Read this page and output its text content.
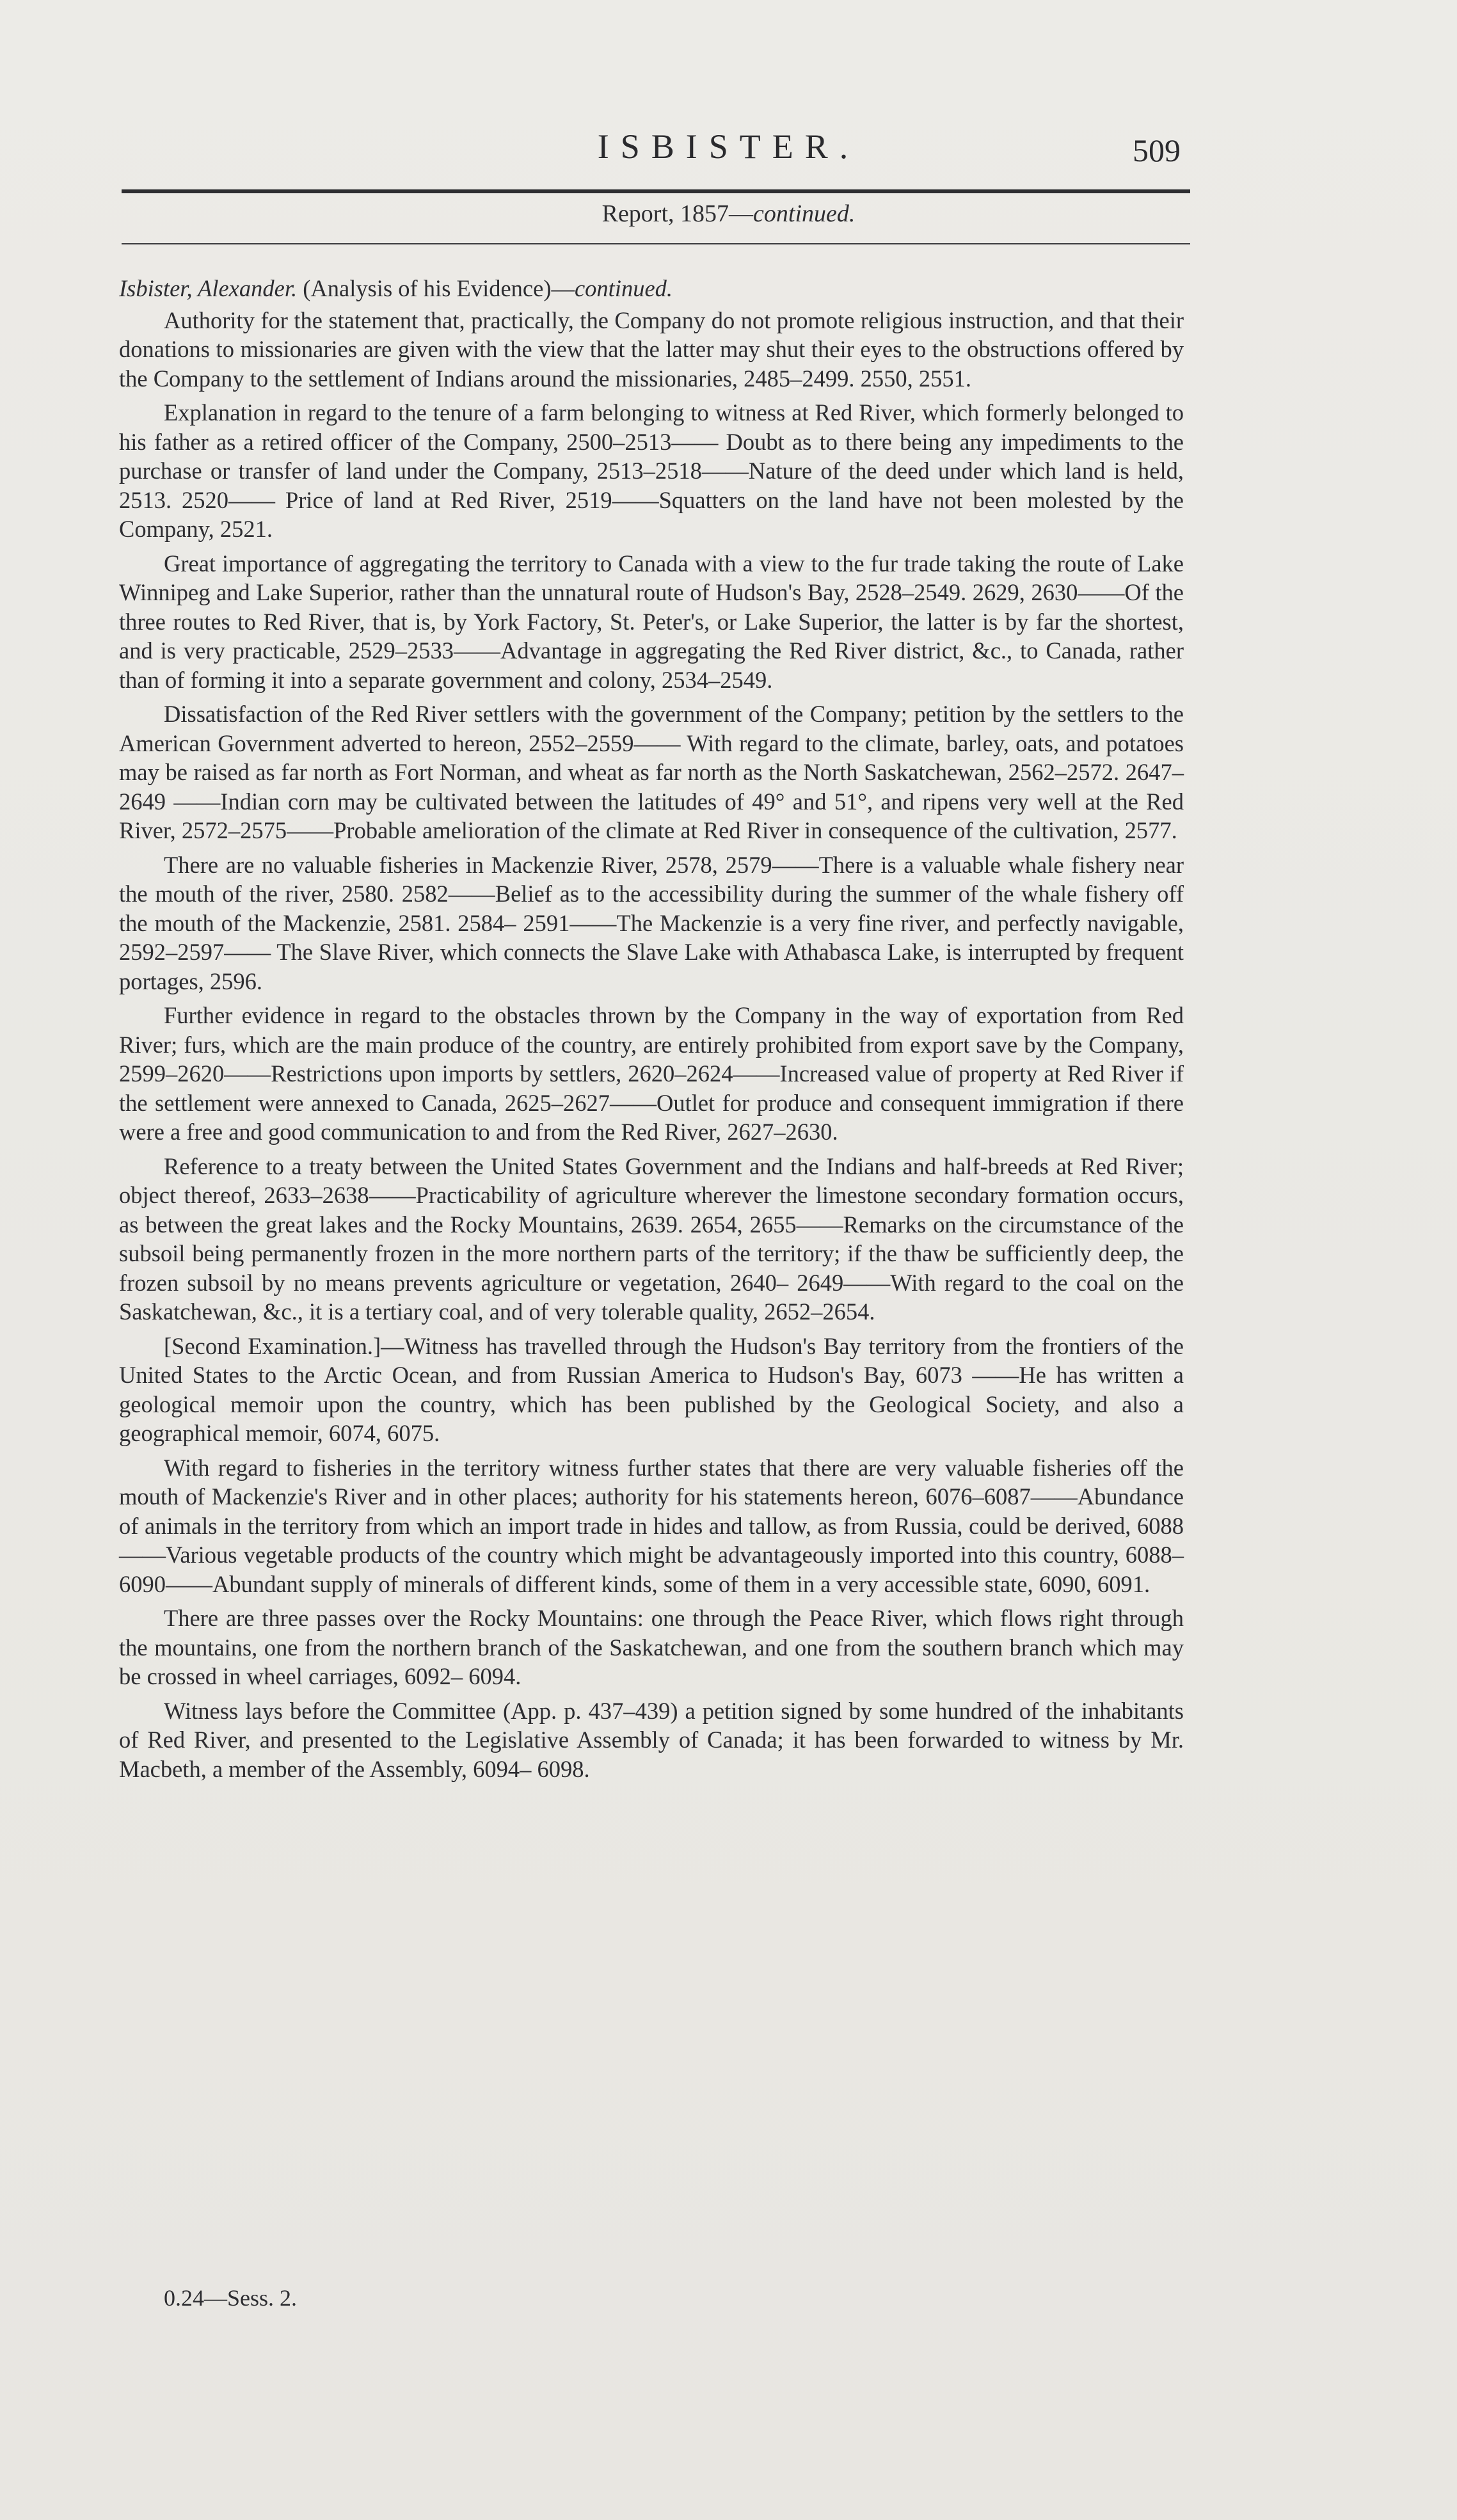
ISBISTER.	509
Report, 1857—continued.
Isbister, Alexander. (Analysis of his Evidence)—continued.

Authority for the statement that, practically, the Company do not promote religious instruction, and that their donations to missionaries are given with the view that the latter may shut their eyes to the obstructions offered by the Company to the settlement of Indians around the missionaries, 2485–2499. 2550, 2551.

Explanation in regard to the tenure of a farm belonging to witness at Red River, which formerly belonged to his father as a retired officer of the Company, 2500–2513—— Doubt as to there being any impediments to the purchase or transfer of land under the Company, 2513–2518——Nature of the deed under which land is held, 2513. 2520—— Price of land at Red River, 2519——Squatters on the land have not been molested by the Company, 2521.

Great importance of aggregating the territory to Canada with a view to the fur trade taking the route of Lake Winnipeg and Lake Superior, rather than the unnatural route of Hudson's Bay, 2528–2549. 2629, 2630——Of the three routes to Red River, that is, by York Factory, St. Peter's, or Lake Superior, the latter is by far the shortest, and is very practicable, 2529–2533——Advantage in aggregating the Red River district, &c., to Canada, rather than of forming it into a separate government and colony, 2534–2549.

Dissatisfaction of the Red River settlers with the government of the Company; petition by the settlers to the American Government adverted to hereon, 2552–2559—— With regard to the climate, barley, oats, and potatoes may be raised as far north as Fort Norman, and wheat as far north as the North Saskatchewan, 2562–2572. 2647–2649 ——Indian corn may be cultivated between the latitudes of 49° and 51°, and ripens very well at the Red River, 2572–2575——Probable amelioration of the climate at Red River in consequence of the cultivation, 2577.

There are no valuable fisheries in Mackenzie River, 2578, 2579——There is a valuable whale fishery near the mouth of the river, 2580. 2582——Belief as to the accessibility during the summer of the whale fishery off the mouth of the Mackenzie, 2581. 2584– 2591——The Mackenzie is a very fine river, and perfectly navigable, 2592–2597—— The Slave River, which connects the Slave Lake with Athabasca Lake, is interrupted by frequent portages, 2596.

Further evidence in regard to the obstacles thrown by the Company in the way of exportation from Red River; furs, which are the main produce of the country, are entirely prohibited from export save by the Company, 2599–2620——Restrictions upon imports by settlers, 2620–2624——Increased value of property at Red River if the settlement were annexed to Canada, 2625–2627——Outlet for produce and consequent immigration if there were a free and good communication to and from the Red River, 2627–2630.

Reference to a treaty between the United States Government and the Indians and half-breeds at Red River; object thereof, 2633–2638——Practicability of agriculture wherever the limestone secondary formation occurs, as between the great lakes and the Rocky Mountains, 2639. 2654, 2655——Remarks on the circumstance of the subsoil being permanently frozen in the more northern parts of the territory; if the thaw be sufficiently deep, the frozen subsoil by no means prevents agriculture or vegetation, 2640– 2649——With regard to the coal on the Saskatchewan, &c., it is a tertiary coal, and of very tolerable quality, 2652–2654.

[Second Examination.]—Witness has travelled through the Hudson's Bay territory from the frontiers of the United States to the Arctic Ocean, and from Russian America to Hudson's Bay, 6073 ——He has written a geological memoir upon the country, which has been published by the Geological Society, and also a geographical memoir, 6074, 6075.

With regard to fisheries in the territory witness further states that there are very valuable fisheries off the mouth of Mackenzie's River and in other places; authority for his statements hereon, 6076–6087——Abundance of animals in the territory from which an import trade in hides and tallow, as from Russia, could be derived, 6088——Various vegetable products of the country which might be advantageously imported into this country, 6088–6090——Abundant supply of minerals of different kinds, some of them in a very accessible state, 6090, 6091.

There are three passes over the Rocky Mountains: one through the Peace River, which flows right through the mountains, one from the northern branch of the Saskatchewan, and one from the southern branch which may be crossed in wheel carriages, 6092– 6094.

Witness lays before the Committee (App. p. 437–439) a petition signed by some hundred of the inhabitants of Red River, and presented to the Legislative Assembly of Canada; it has been forwarded to witness by Mr. Macbeth, a member of the Assembly, 6094– 6098.

0.24—Sess. 2.
